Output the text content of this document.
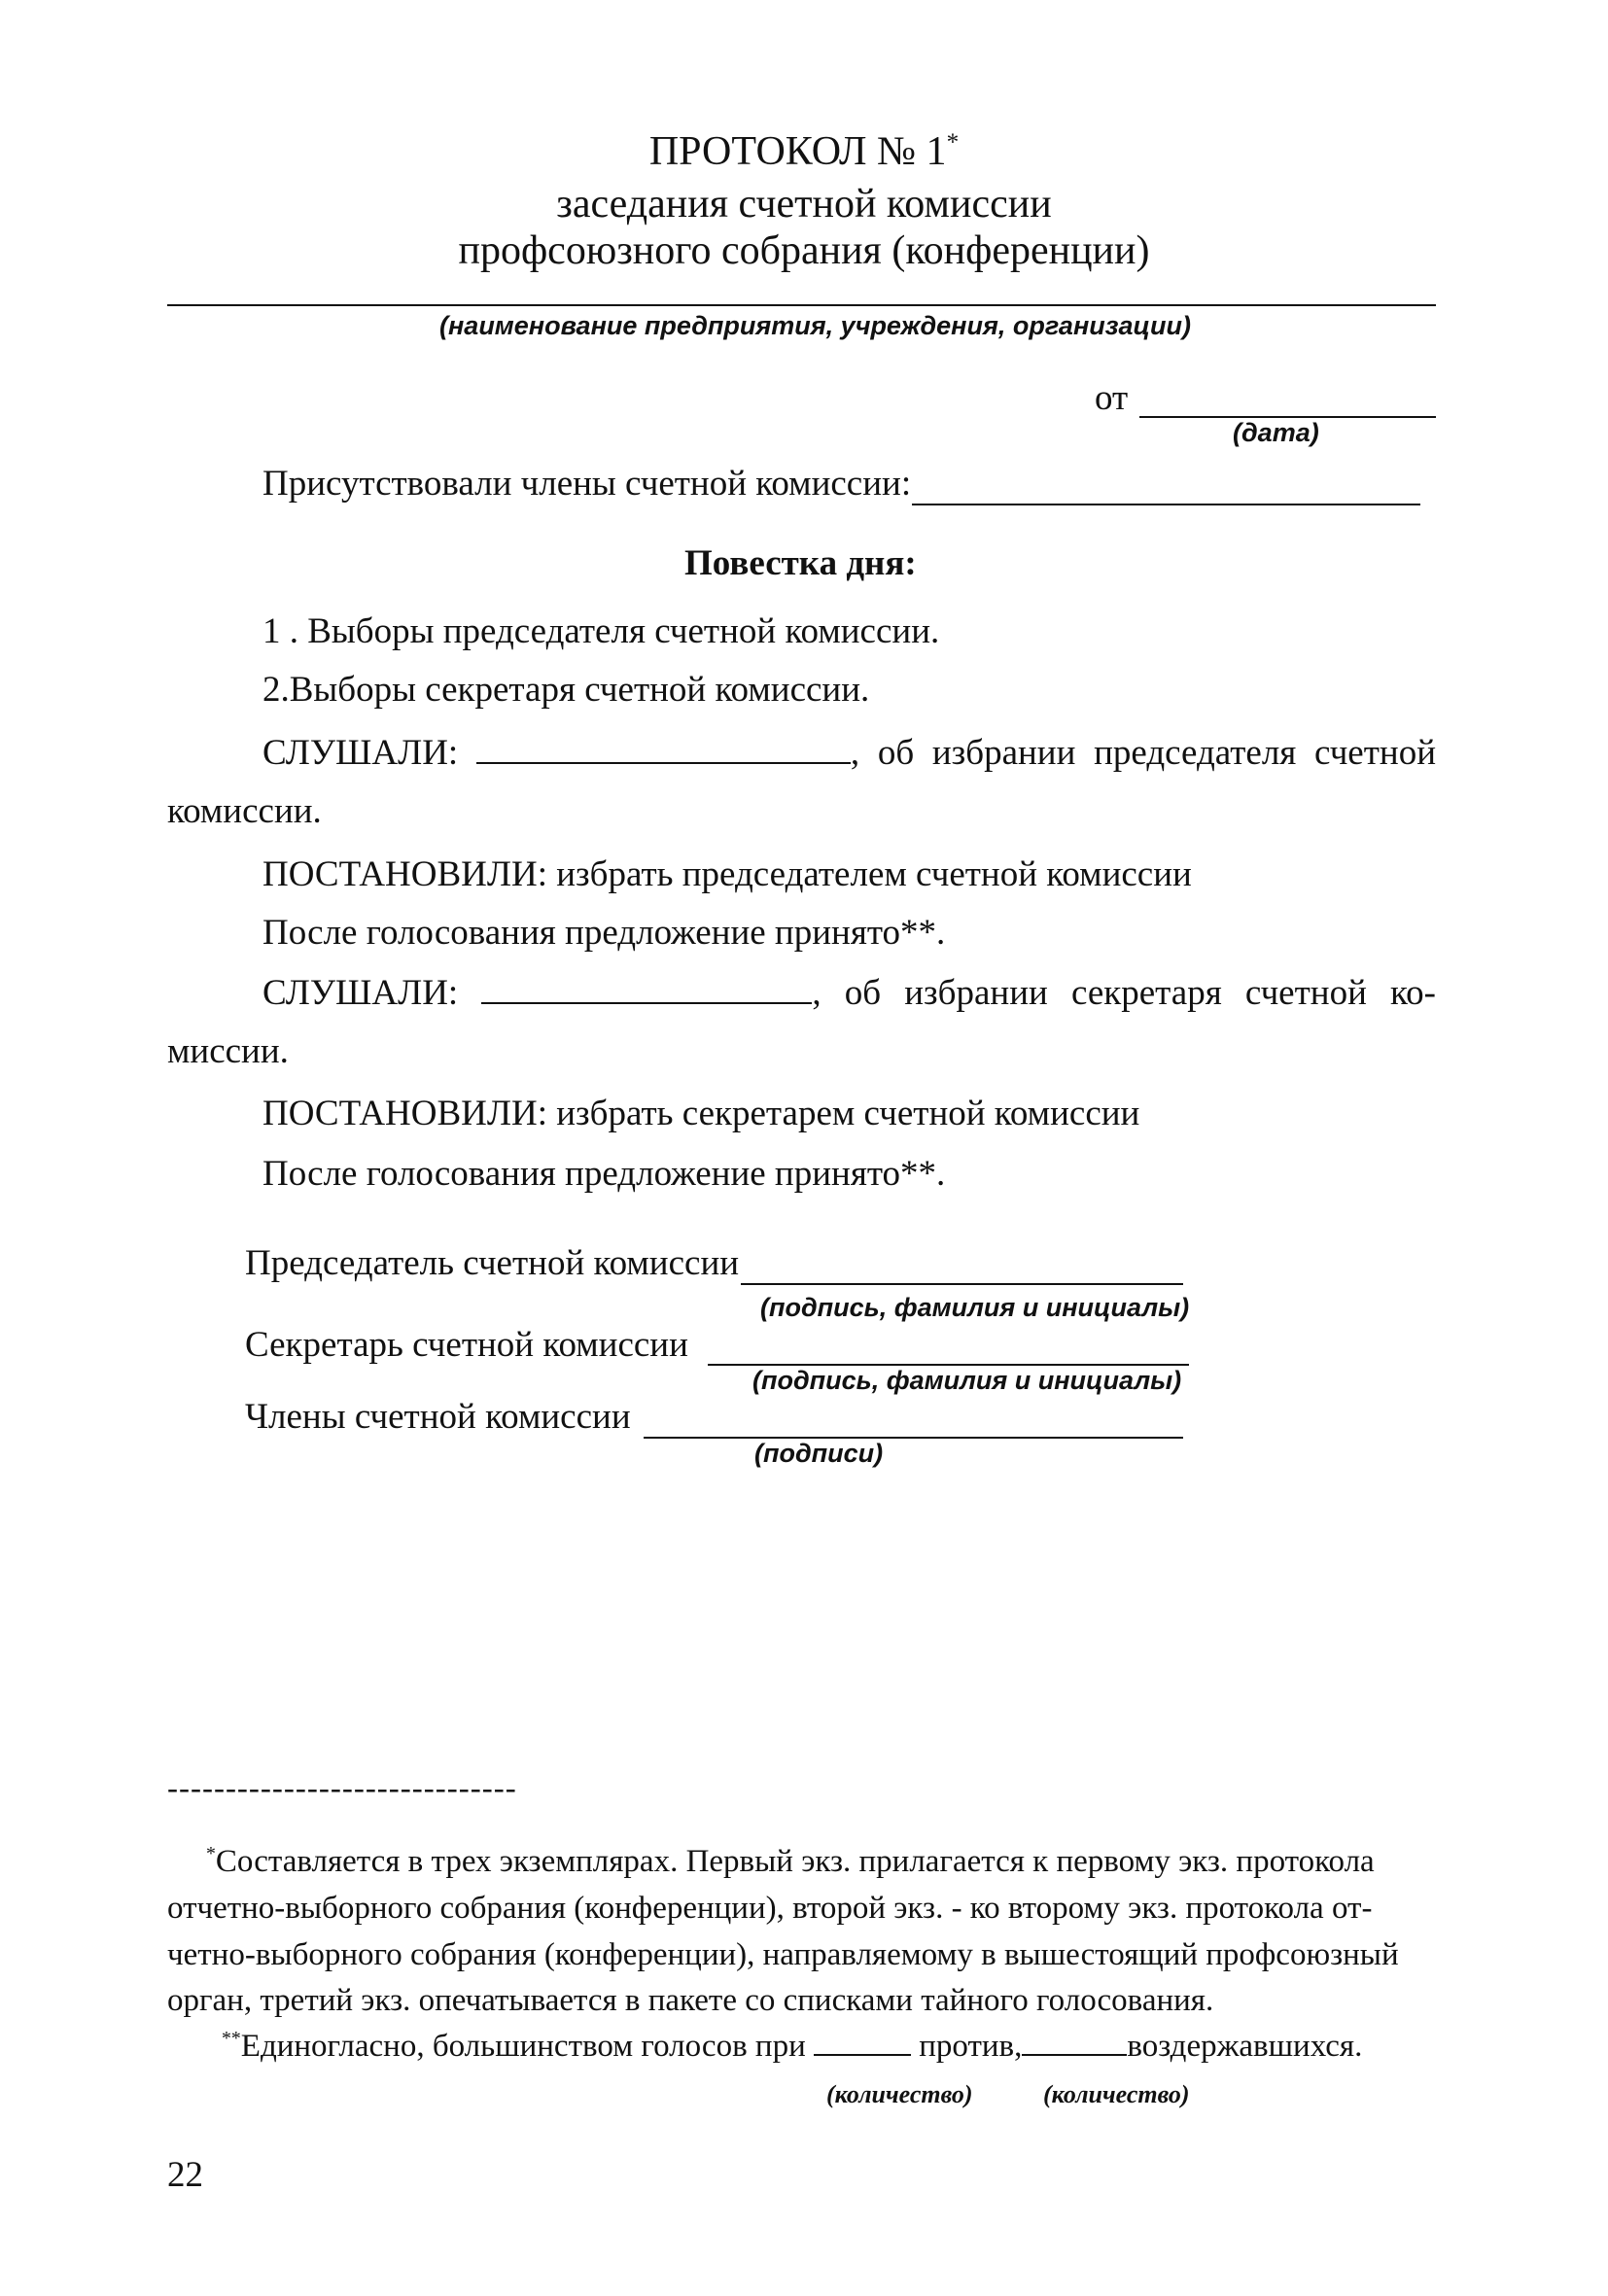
ПРОТОКОЛ № 1*
заседания счетной комиссии
профсоюзного собрания (конференции)
(наименование предприятия, учреждения, организации)
от
(дата)
Присутствовали члены счетной комиссии:
Повестка дня:
1 . Выборы председателя счетной комиссии.
2.Выборы секретаря счетной комиссии.
СЛУШАЛИ:	, об избрании председателя счетной
комиссии.
ПОСТАНОВИЛИ: избрать председателем счетной комиссии
После голосования предложение принято**.
СЛУШАЛИ:	, об избрании секретаря счетной ко-
миссии.
ПОСТАНОВИЛИ: избрать секретарем счетной комиссии
После голосования предложение принято**.
Председатель счетной комиссии
(подпись, фамилия и инициалы)
Секретарь счетной комиссии
(подпись, фамилия и инициалы)
Члены счетной комиссии
(подписи)
------------------------------
*Составляется в трех экземплярах. Первый экз. прилагается к первому экз. протокола
отчетно-выборного собрания (конференции), второй экз. - ко второму экз. протокола от-
четно-выборного собрания (конференции), направляемому в вышестоящий профсоюзный
орган, третий экз. опечатывается в пакете со списками тайного голосования.
**Единогласно, большинством голосов при	против,	воздержавшихся.
(количество)	(количество)
22
